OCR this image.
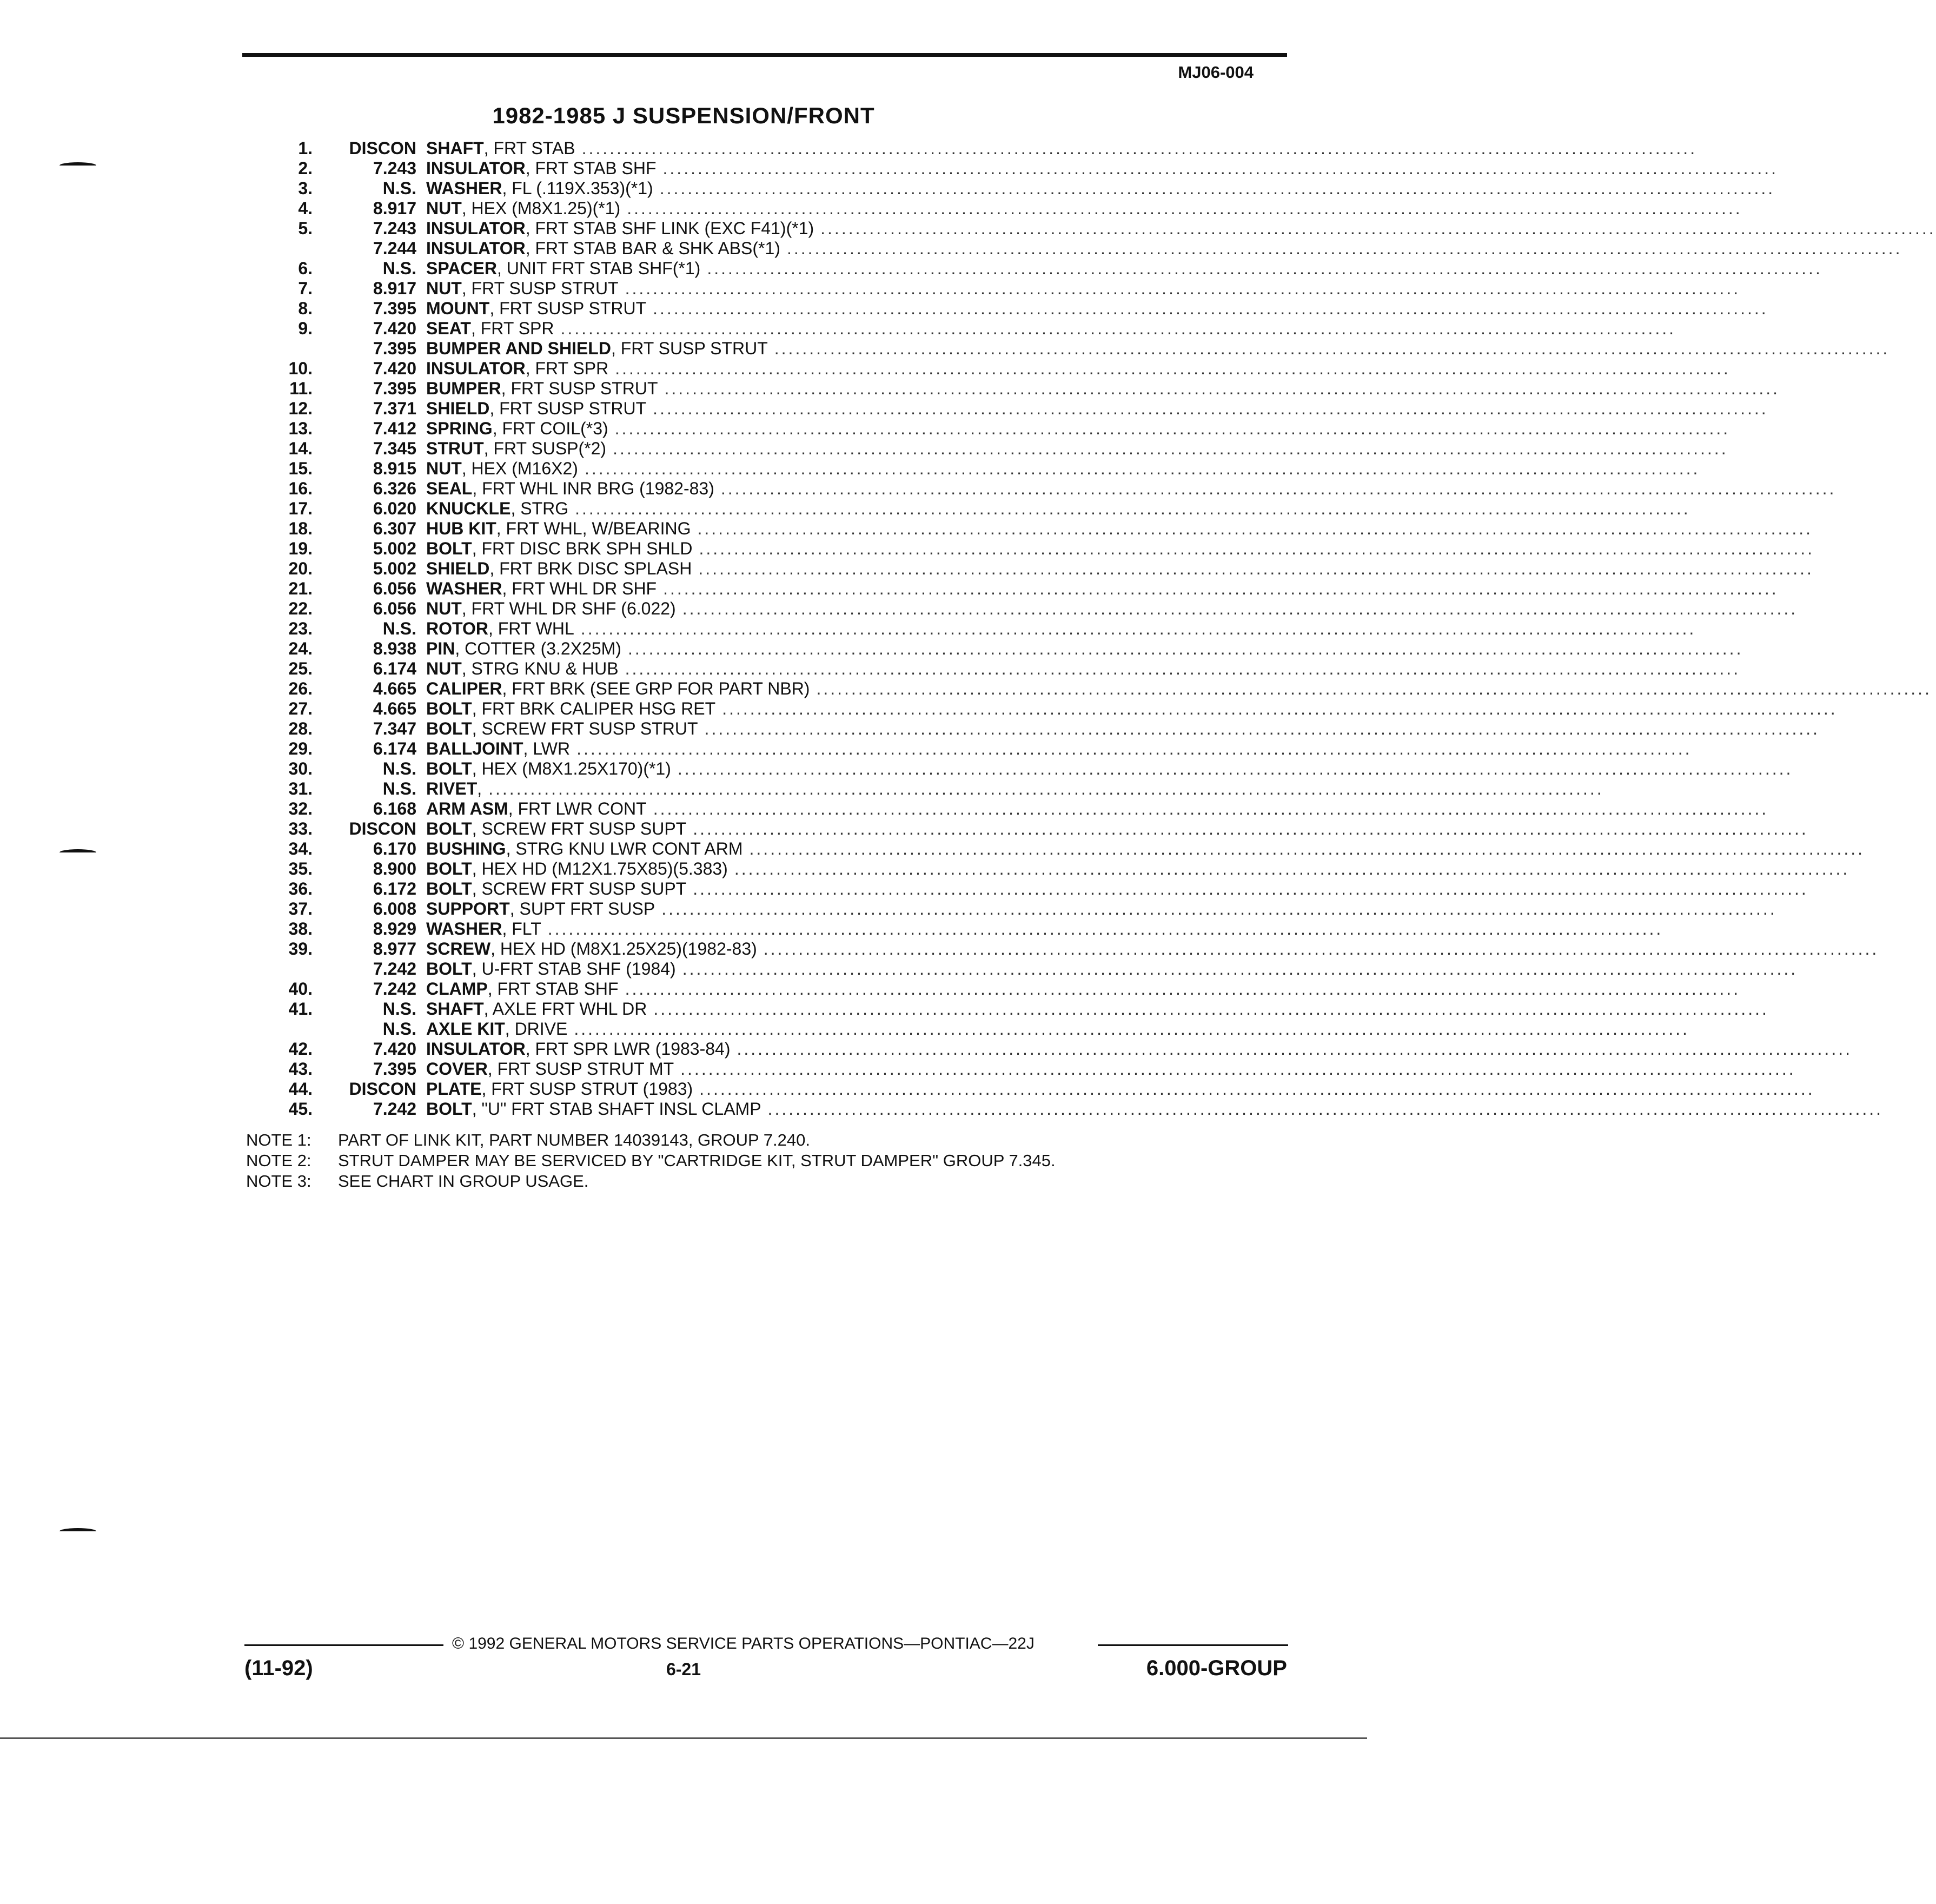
MJ06-004
1982-1985 J SUSPENSION/FRONT
1.	DISCON SHAFT, FRT STAB ................................................................................................................................................................
2.	7.243 INSULATOR, FRT STAB SHF ................................................................................................................................................................
3.	N.S. WASHER, FL (.119X.353)(*1) ................................................................................................................................................................
4.	8.917 NUT, HEX (M8X1.25)(*1) ................................................................................................................................................................
5.	7.243 INSULATOR, FRT STAB SHF LINK (EXC F41)(*1) ................................................................................................................................................................
7.244 INSULATOR, FRT STAB BAR & SHK ABS(*1) ................................................................................................................................................................
6.	N.S. SPACER, UNIT FRT STAB SHF(*1) ................................................................................................................................................................
7.	8.917 NUT, FRT SUSP STRUT ................................................................................................................................................................
8.	7.395 MOUNT, FRT SUSP STRUT ................................................................................................................................................................
9.	7.420 SEAT, FRT SPR ................................................................................................................................................................
7.395 BUMPER AND SHIELD, FRT SUSP STRUT ................................................................................................................................................................
10.	7.420 INSULATOR, FRT SPR ................................................................................................................................................................
11.	7.395 BUMPER, FRT SUSP STRUT ................................................................................................................................................................
12.	7.371 SHIELD, FRT SUSP STRUT ................................................................................................................................................................
13.	7.412 SPRING, FRT COIL(*3) ................................................................................................................................................................
14.	7.345 STRUT, FRT SUSP(*2) ................................................................................................................................................................
15.	8.915 NUT, HEX (M16X2) ................................................................................................................................................................
16.	6.326 SEAL, FRT WHL INR BRG (1982-83) ................................................................................................................................................................
17.	6.020 KNUCKLE, STRG ................................................................................................................................................................
18.	6.307 HUB KIT, FRT WHL, W/BEARING ................................................................................................................................................................
19.	5.002 BOLT, FRT DISC BRK SPH SHLD ................................................................................................................................................................
20.	5.002 SHIELD, FRT BRK DISC SPLASH ................................................................................................................................................................
21.	6.056 WASHER, FRT WHL DR SHF ................................................................................................................................................................
22.	6.056 NUT, FRT WHL DR SHF (6.022) ................................................................................................................................................................
23.	N.S. ROTOR, FRT WHL ................................................................................................................................................................
24.	8.938 PIN, COTTER (3.2X25M) ................................................................................................................................................................
25.	6.174 NUT, STRG KNU & HUB ................................................................................................................................................................
26.	4.665 CALIPER, FRT BRK (SEE GRP FOR PART NBR) ................................................................................................................................................................
27.	4.665 BOLT, FRT BRK CALIPER HSG RET ................................................................................................................................................................
28.	7.347 BOLT, SCREW FRT SUSP STRUT ................................................................................................................................................................
29.	6.174 BALLJOINT, LWR ................................................................................................................................................................
30.	N.S. BOLT, HEX (M8X1.25X170)(*1) ................................................................................................................................................................
31.	N.S. RIVET, ................................................................................................................................................................
32.	6.168 ARM ASM, FRT LWR CONT ................................................................................................................................................................
33.	DISCON BOLT, SCREW FRT SUSP SUPT ................................................................................................................................................................
34.	6.170 BUSHING, STRG KNU LWR CONT ARM ................................................................................................................................................................
35.	8.900 BOLT, HEX HD (M12X1.75X85)(5.383) ................................................................................................................................................................
36.	6.172 BOLT, SCREW FRT SUSP SUPT ................................................................................................................................................................
37.	6.008 SUPPORT, SUPT FRT SUSP ................................................................................................................................................................
38.	8.929 WASHER, FLT ................................................................................................................................................................
39.	8.977 SCREW, HEX HD (M8X1.25X25)(1982-83) ................................................................................................................................................................
7.242 BOLT, U-FRT STAB SHF (1984) ................................................................................................................................................................
40.	7.242 CLAMP, FRT STAB SHF ................................................................................................................................................................
41.	N.S. SHAFT, AXLE FRT WHL DR ................................................................................................................................................................
N.S. AXLE KIT, DRIVE ................................................................................................................................................................
42.	7.420 INSULATOR, FRT SPR LWR (1983-84) ................................................................................................................................................................
43.	7.395 COVER, FRT SUSP STRUT MT ................................................................................................................................................................
44.	DISCON PLATE, FRT SUSP STRUT (1983) ................................................................................................................................................................
45.	7.242 BOLT, "U" FRT STAB SHAFT INSL CLAMP ................................................................................................................................................................
NOTE 1: PART OF LINK KIT, PART NUMBER 14039143, GROUP 7.240.
NOTE 2: STRUT DAMPER MAY BE SERVICED BY "CARTRIDGE KIT, STRUT DAMPER" GROUP 7.345.
NOTE 3: SEE CHART IN GROUP USAGE.
© 1992 GENERAL MOTORS SERVICE PARTS OPERATIONS—PONTIAC—22J
(11-92)	6-21	6.000-GROUP
